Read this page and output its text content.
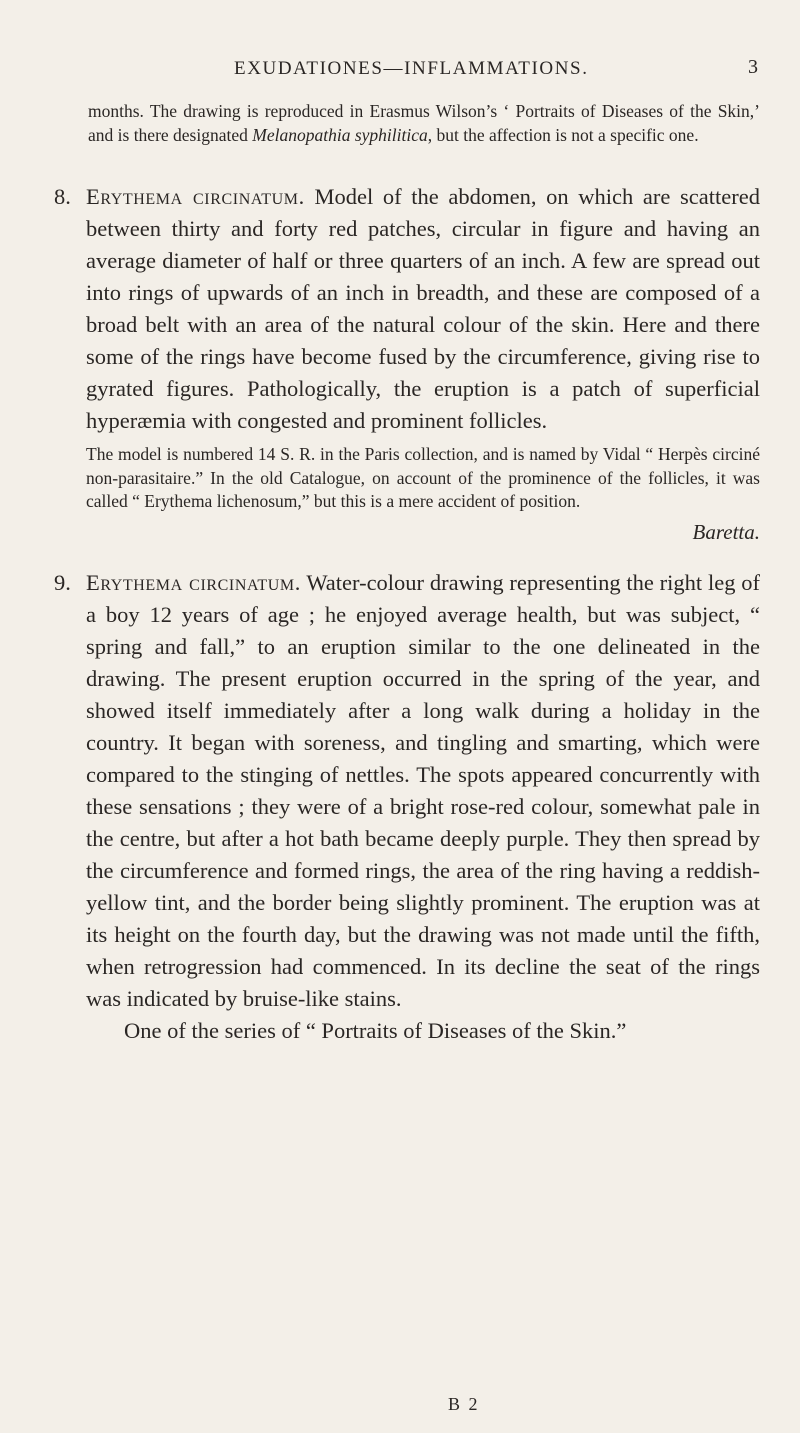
EXUDATIONES—INFLAMMATIONS.	3

months. The drawing is reproduced in Erasmus Wilson’s ‘ Portraits of Diseases of the Skin,’ and is there designated Melanopathia syphilitica, but the affection is not a specific one.

8. Erythema circinatum. Model of the abdomen, on which are scattered between thirty and forty red patches, circular in figure and having an average diameter of half or three quarters of an inch. A few are spread out into rings of upwards of an inch in breadth, and these are composed of a broad belt with an area of the natural colour of the skin. Here and there some of the rings have become fused by the circumference, giving rise to gyrated figures. Pathologically, the eruption is a patch of superficial hyperæmia with congested and prominent follicles.
The model is numbered 14 S. R. in the Paris collection, and is named by Vidal “ Herpès circiné non-parasitaire.” In the old Catalogue, on account of the prominence of the follicles, it was called “ Erythema lichenosum,” but this is a mere accident of position.
Baretta.
9. Erythema circinatum. Water-colour drawing representing the right leg of a boy 12 years of age ; he enjoyed average health, but was subject, “ spring and fall,” to an eruption similar to the one delineated in the drawing. The present eruption occurred in the spring of the year, and showed itself immediately after a long walk during a holiday in the country. It began with soreness, and tingling and smarting, which were compared to the stinging of nettles. The spots appeared concurrently with these sensations ; they were of a bright rose-red colour, somewhat pale in the centre, but after a hot bath became deeply purple. They then spread by the circumference and formed rings, the area of the ring having a reddish-yellow tint, and the border being slightly prominent. The eruption was at its height on the fourth day, but the drawing was not made until the fifth, when retrogression had commenced. In its decline the seat of the rings was indicated by bruise-like stains.
One of the series of “ Portraits of Diseases of the Skin.”
B 2
